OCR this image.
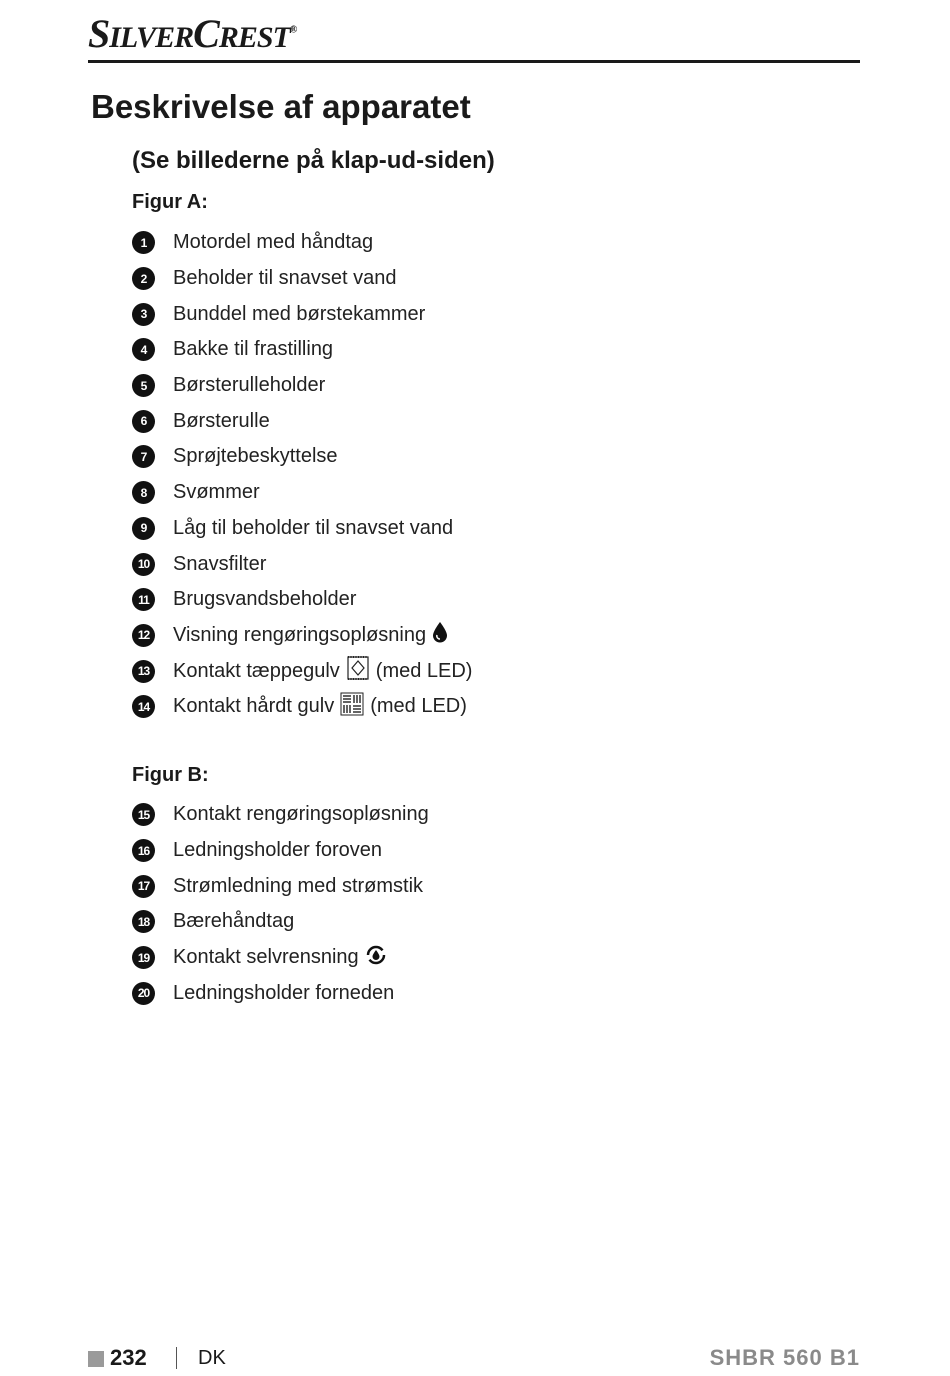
SILVERCREST®
Beskrivelse af apparatet
(Se billederne på klap-ud-siden)

Figur A:

1	Motordel med håndtag
2	Beholder til snavset vand
3	Bunddel med børstekammer
4	Bakke til frastilling
5	Børsterulleholder
6	Børsterulle
7	Sprøjtebeskyttelse
8	Svømmer
9	Låg til beholder til snavset vand
10 Snavsfilter
11	Brugsvandsbeholder
12 Visning rengøringsopløsning
13 Kontakt tæppegulv (med LED)
14 Kontakt hårdt gulv (med LED)

Figur B:

15 Kontakt rengøringsopløsning
16 Ledningsholder foroven
17 Strømledning med strømstik
18 Bærehåndtag
19 Kontakt selvrensning
20 Ledningsholder forneden
232	DK	SHBR 560 B1
